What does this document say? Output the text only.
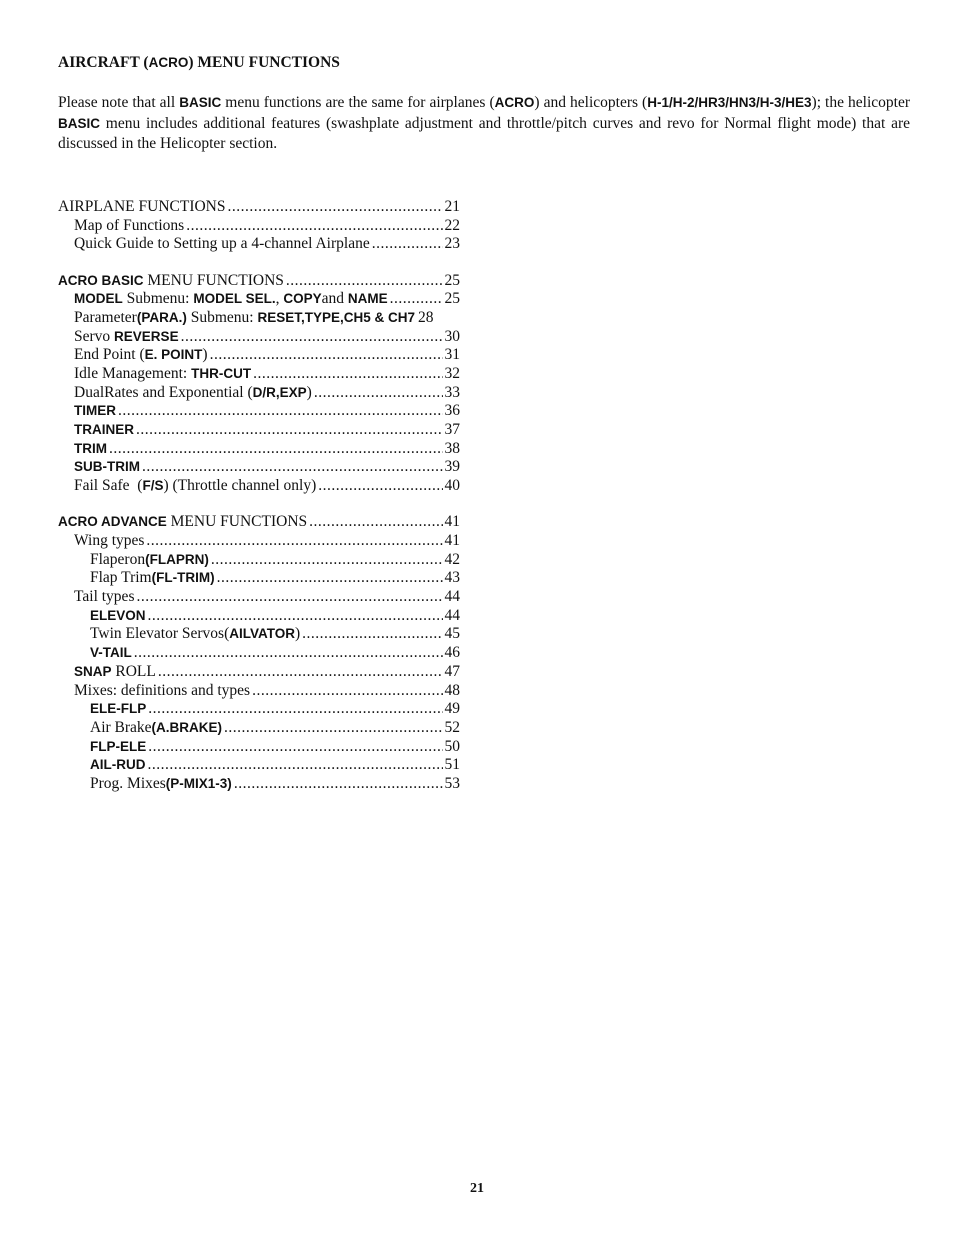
AIRCRAFT (ACRO) MENU FUNCTIONS

Please note that all BASIC menu functions are the same for airplanes (ACRO) and helicopters (H-1/H-2/HR3/HN3/H-3/HE3); the helicopter BASIC menu includes additional features (swashplate adjustment and throttle/pitch curves and revo for Normal flight mode) that are discussed in the Helicopter section.

AIRPLANE FUNCTIONS .....	21
Map of Functions .....	22
Quick Guide to Setting up a 4-channel Airplane .....	23
ACRO BASIC MENU FUNCTIONS .....	25
MODEL Submenu: MODEL SEL., COPYand NAME .....	25
Parameter(PARA.) Submenu: RESET,TYPE,CH5 & CH7 28
Servo REVERSE .....	30
End Point (E. POINT) .....	31
Idle Management: THR-CUT .....	32
DualRates and Exponential (D/R,EXP) .....	33
TIMER .....	36
TRAINER .....	37
TRIM .....	38
SUB-TRIM .....	39
Fail Safe  (F/S) (Throttle channel only) .....	40
ACRO ADVANCE MENU FUNCTIONS .....	41
Wing types .....	41
Flaperon(FLAPRN) .....	42
Flap Trim(FL-TRIM) .....	43
Tail types .....	44
ELEVON .....	44
Twin Elevator Servos(AILVATOR) .....	45
V-TAIL .....	46
SNAP ROLL .....	47
Mixes: definitions and types .....	48
ELE-FLP .....	49
Air Brake(A.BRAKE) .....	52
FLP-ELE .....	50
AIL-RUD .....	51
Prog. Mixes(P-MIX1-3) .....	53
21
